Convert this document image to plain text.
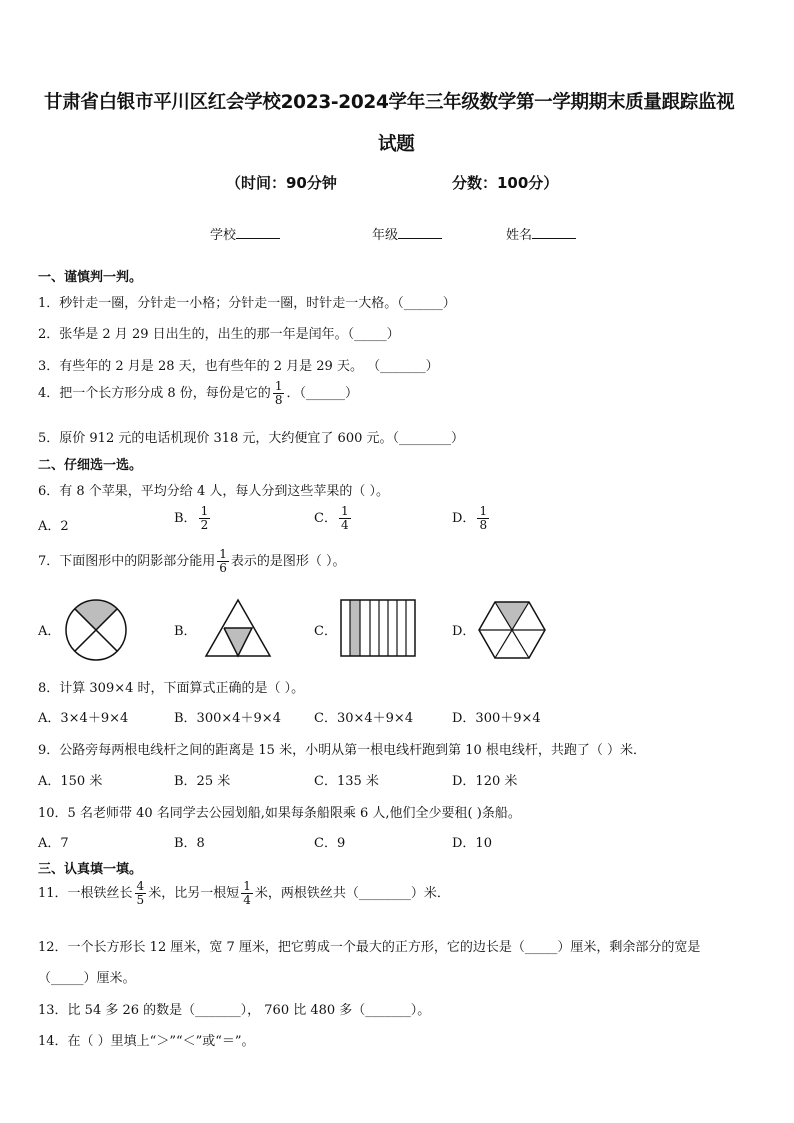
甘肃省白银市平川区红会学校2023-2024学年三年级数学第一学期期末质量跟踪监视
试题
（时间：90分钟	分数：100分）
学校	年级	姓名
一、谨慎判一判。
1．秒针走一圈，分针走一小格；分针走一圈，时针走一大格。（______）
2．张华是 2 月 29 日出生的，出生的那一年是闰年。（_____）
3．有些年的 2 月是 28 天，也有些年的 2 月是 29 天。 （_______）
4．把一个长方形分成 8 份，每份是它的 $\frac{1}{8}$ ．（______）
5．原价 912 元的电话机现价 318 元，大约便宜了 600 元。（________）
二、仔细选一选。
6．有 8 个苹果，平均分给 4 人，每人分到这些苹果的（ ）。
A．2
B． $\frac{1}{2}$	C． $\frac{1}{4}$	D． $\frac{1}{8}$
7．下面图形中的阴影部分能用 $\frac{1}{6}$ 表示的是图形（ ）。
A．	B．	C．	D．
8．计算 309×4 时，下面算式正确的是（ ）。
A．3×4＋9×4	B．300×4＋9×4	C．30×4＋9×4	D．300＋9×4
9．公路旁每两根电线杆之间的距离是 15 米，小明从第一根电线杆跑到第 10 根电线杆，共跑了（ ）米．
A．150 米	B．25 米	C．135 米	D．120 米
10．5 名老师带 40 名同学去公园划船,如果每条船限乘 6 人,他们全少要租( )条船。
A．7	B．8	C．9	D．10
三、认真填一填。
11．一根铁丝长 $\frac{4}{5}$ 米，比另一根短 $\frac{1}{4}$ 米，两根铁丝共（________）米．
12．一个长方形长 12 厘米，宽 7 厘米，把它剪成一个最大的正方形，它的边长是（_____）厘米，剩余部分的宽是
（_____）厘米。
13．比 54 多 26 的数是（_______）， 760 比 480 多（_______）。
14．在（ ）里填上“＞”“＜”或“＝”。
